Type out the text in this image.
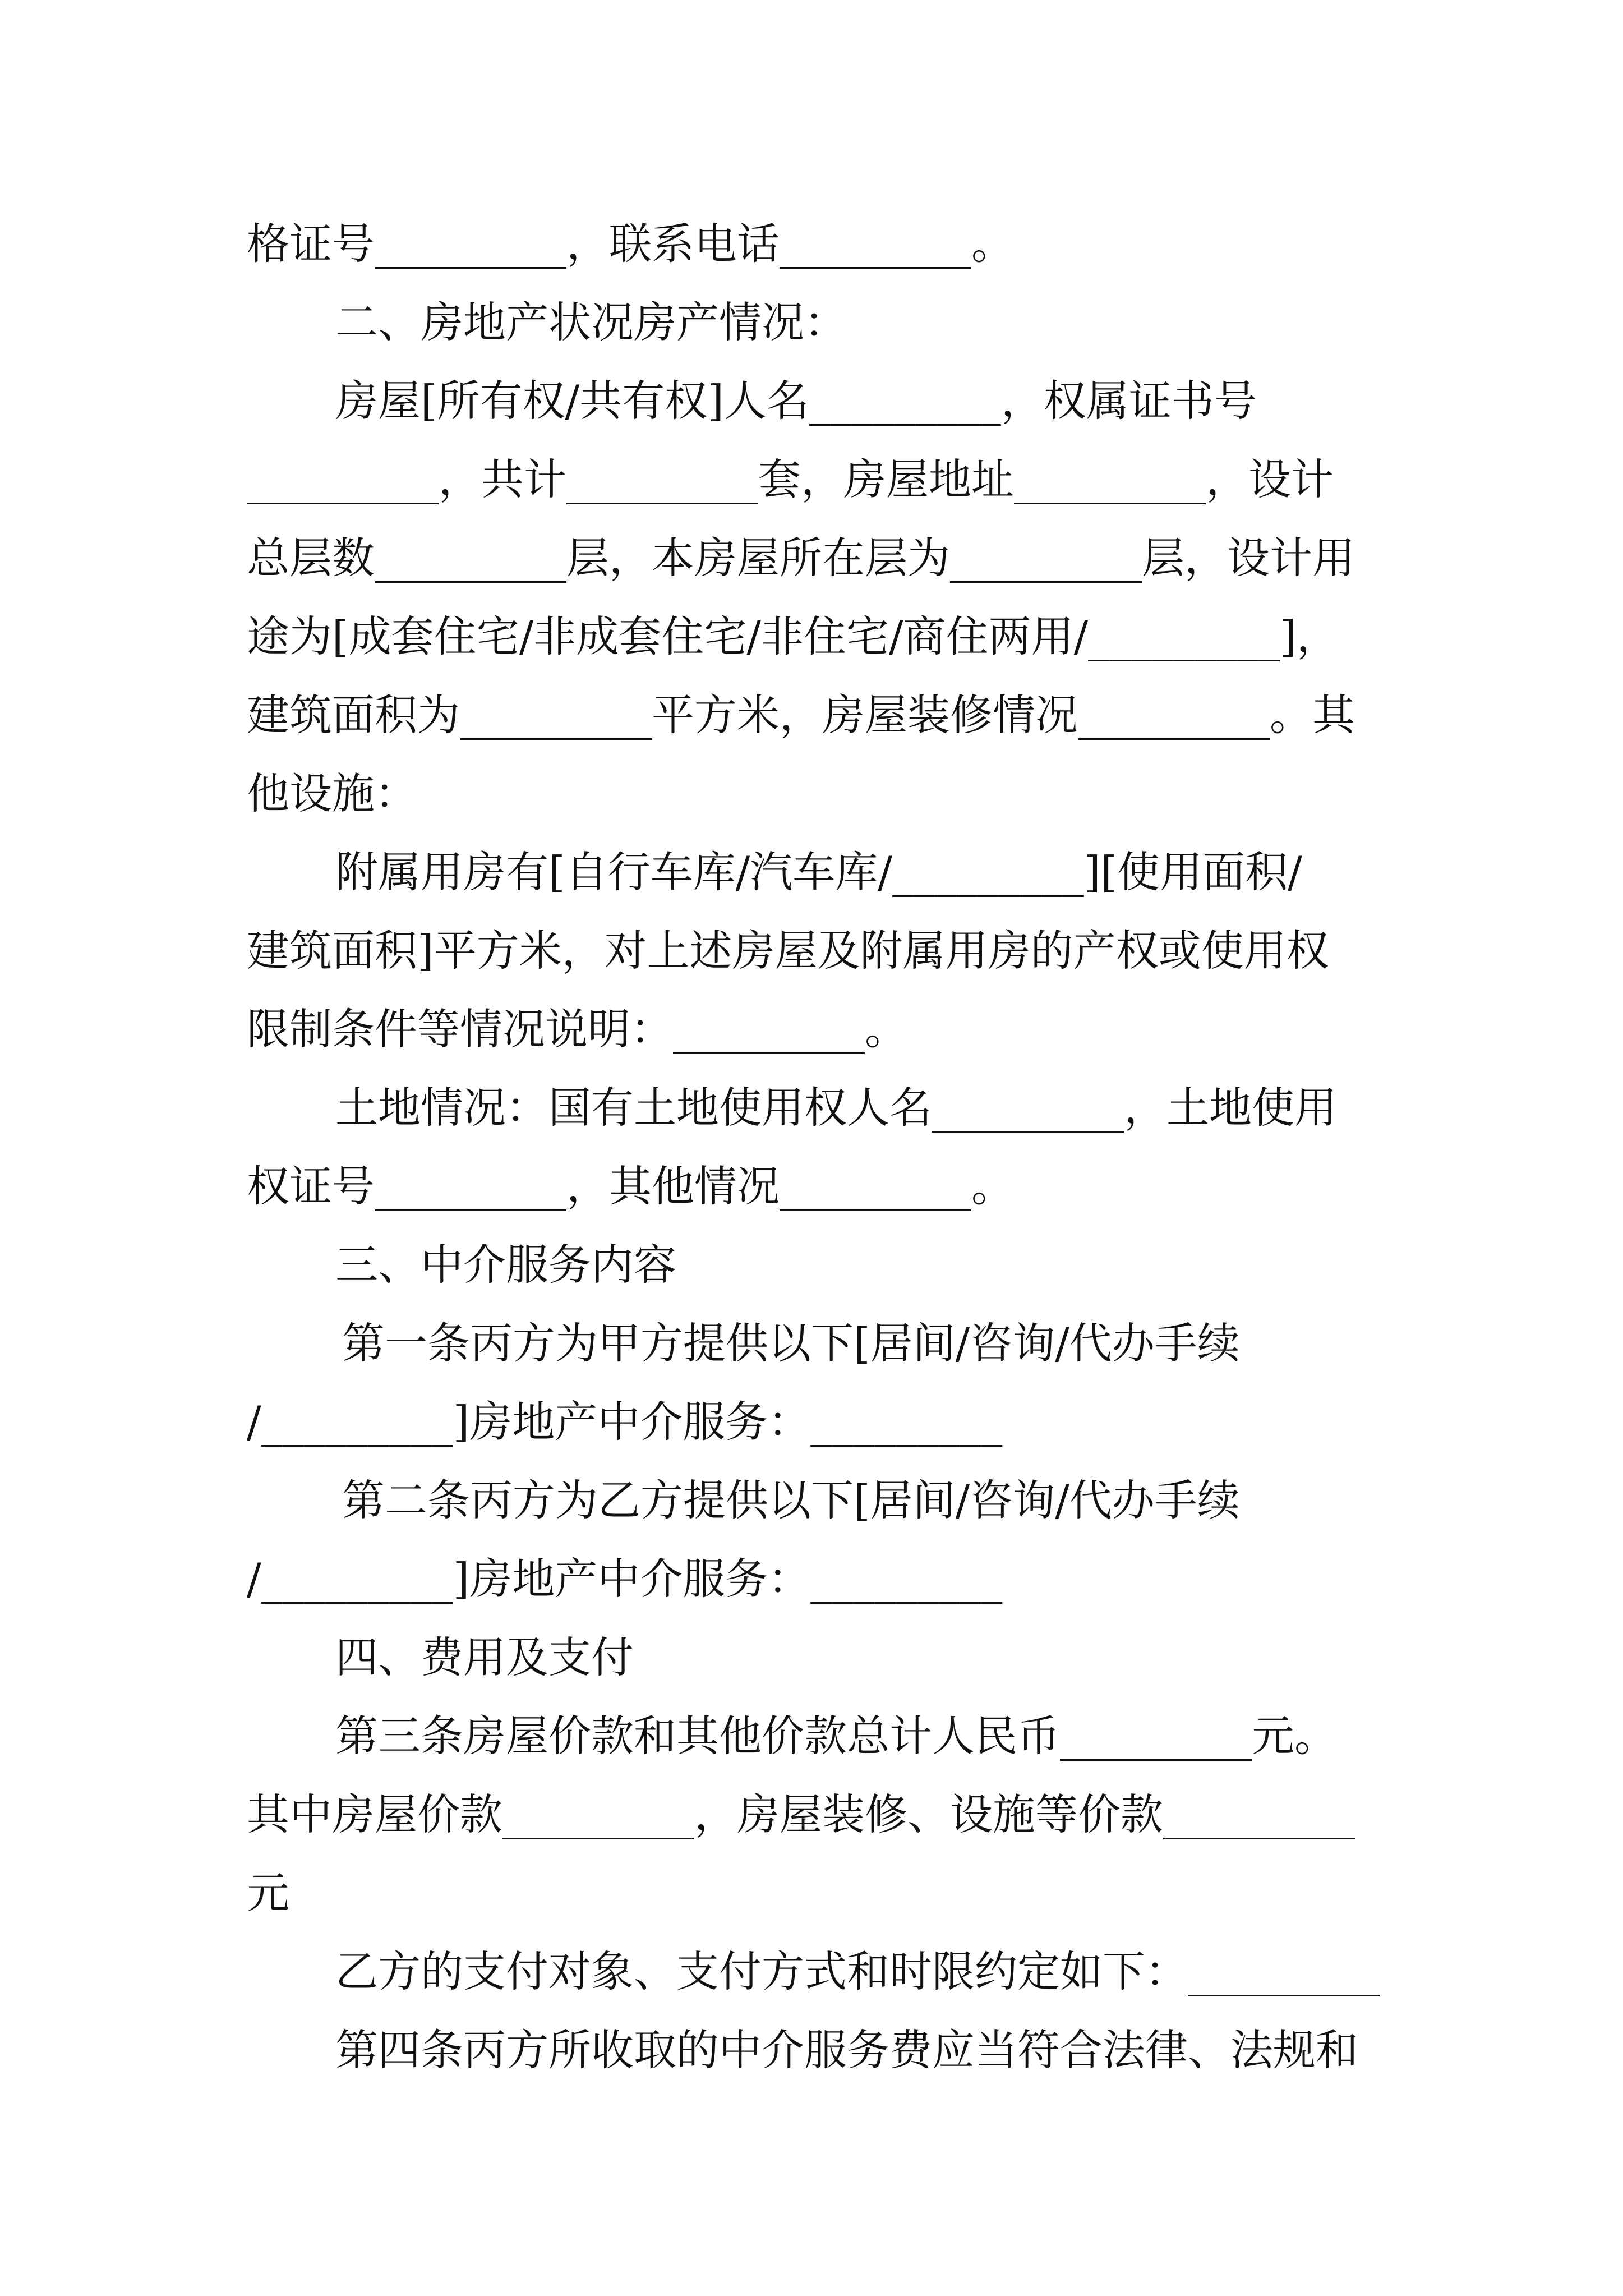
格证号_________，联系电话_________。
二、房地产状况房产情况：
房屋[所有权/共有权]人名_________，权属证书号
_________，共计_________套，房屋地址_________，设计
总层数_________层，本房屋所在层为_________层，设计用
途为[成套住宅/非成套住宅/非住宅/商住两用/_________]，
建筑面积为_________平方米，房屋装修情况_________。其
他设施：
附属用房有[自行车库/汽车库/_________][使用面积/
建筑面积]平方米，对上述房屋及附属用房的产权或使用权
限制条件等情况说明：_________。
土地情况：国有土地使用权人名_________，土地使用
权证号_________，其他情况_________。
三、中介服务内容
第一条丙方为甲方提供以下[居间/咨询/代办手续
/_________]房地产中介服务：_________
第二条丙方为乙方提供以下[居间/咨询/代办手续
/_________]房地产中介服务：_________
四、费用及支付
第三条房屋价款和其他价款总计人民币_________元。
其中房屋价款_________，房屋装修、设施等价款_________
元
乙方的支付对象、支付方式和时限约定如下：_________
第四条丙方所收取的中介服务费应当符合法律、法规和
